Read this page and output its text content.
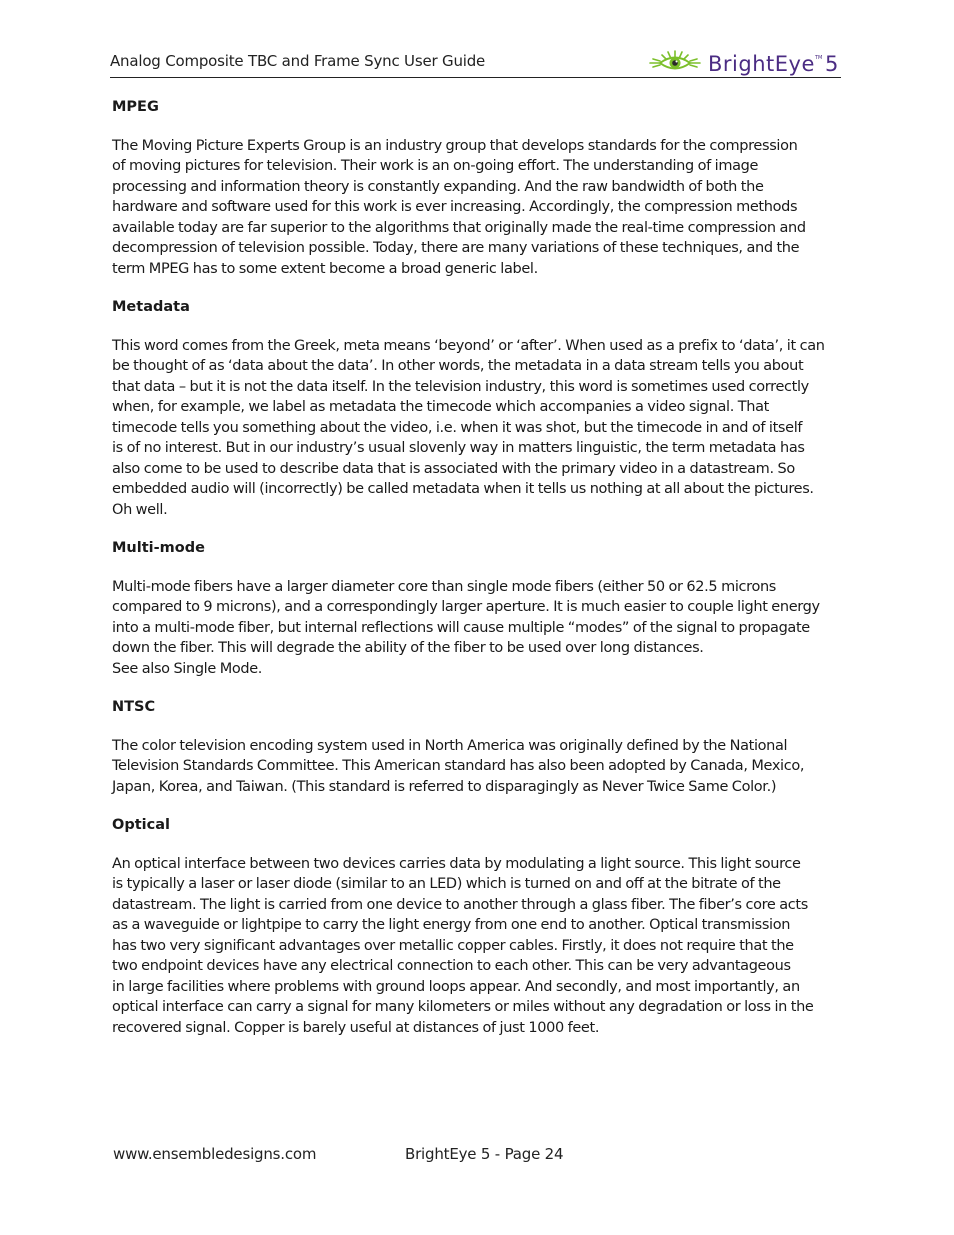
Analog Composite TBC and Frame Sync User Guide	BrightEye TM 5

MPEG

The Moving Picture Experts Group is an industry group that develops standards for the compression
of moving pictures for television. Their work is an on-going effort. The understanding of image
processing and information theory is constantly expanding. And the raw bandwidth of both the
hardware and software used for this work is ever increasing. Accordingly, the compression methods
available today are far superior to the algorithms that originally made the real-time compression and
decompression of television possible. Today, there are many variations of these techniques, and the
term MPEG has to some extent become a broad generic label.

Metadata

This word comes from the Greek, meta means ‘beyond’ or ‘after’. When used as a prefix to ‘data’, it can
be thought of as ‘data about the data’. In other words, the metadata in a data stream tells you about
that data – but it is not the data itself. In the television industry, this word is sometimes used correctly
when, for example, we label as metadata the timecode which accompanies a video signal. That
timecode tells you something about the video, i.e. when it was shot, but the timecode in and of itself
is of no interest. But in our industry’s usual slovenly way in matters linguistic, the term metadata has
also come to be used to describe data that is associated with the primary video in a datastream. So
embedded audio will (incorrectly) be called metadata when it tells us nothing at all about the pictures.
Oh well.

Multi-mode

Multi-mode fibers have a larger diameter core than single mode fibers (either 50 or 62.5 microns
compared to 9 microns), and a correspondingly larger aperture. It is much easier to couple light energy
into a multi-mode fiber, but internal reflections will cause multiple “modes” of the signal to propagate
down the fiber. This will degrade the ability of the fiber to be used over long distances.
See also Single Mode.

NTSC

The color television encoding system used in North America was originally defined by the National
Television Standards Committee. This American standard has also been adopted by Canada, Mexico,
Japan, Korea, and Taiwan. (This standard is referred to disparagingly as Never Twice Same Color.)

Optical

An optical interface between two devices carries data by modulating a light source. This light source
is typically a laser or laser diode (similar to an LED) which is turned on and off at the bitrate of the
datastream. The light is carried from one device to another through a glass fiber. The fiber’s core acts
as a waveguide or lightpipe to carry the light energy from one end to another. Optical transmission
has two very significant advantages over metallic copper cables. Firstly, it does not require that the
two endpoint devices have any electrical connection to each other. This can be very advantageous
in large facilities where problems with ground loops appear. And secondly, and most importantly, an
optical interface can carry a signal for many kilometers or miles without any degradation or loss in the
recovered signal. Copper is barely useful at distances of just 1000 feet.

www.ensembledesigns.com	BrightEye 5 - Page 24
